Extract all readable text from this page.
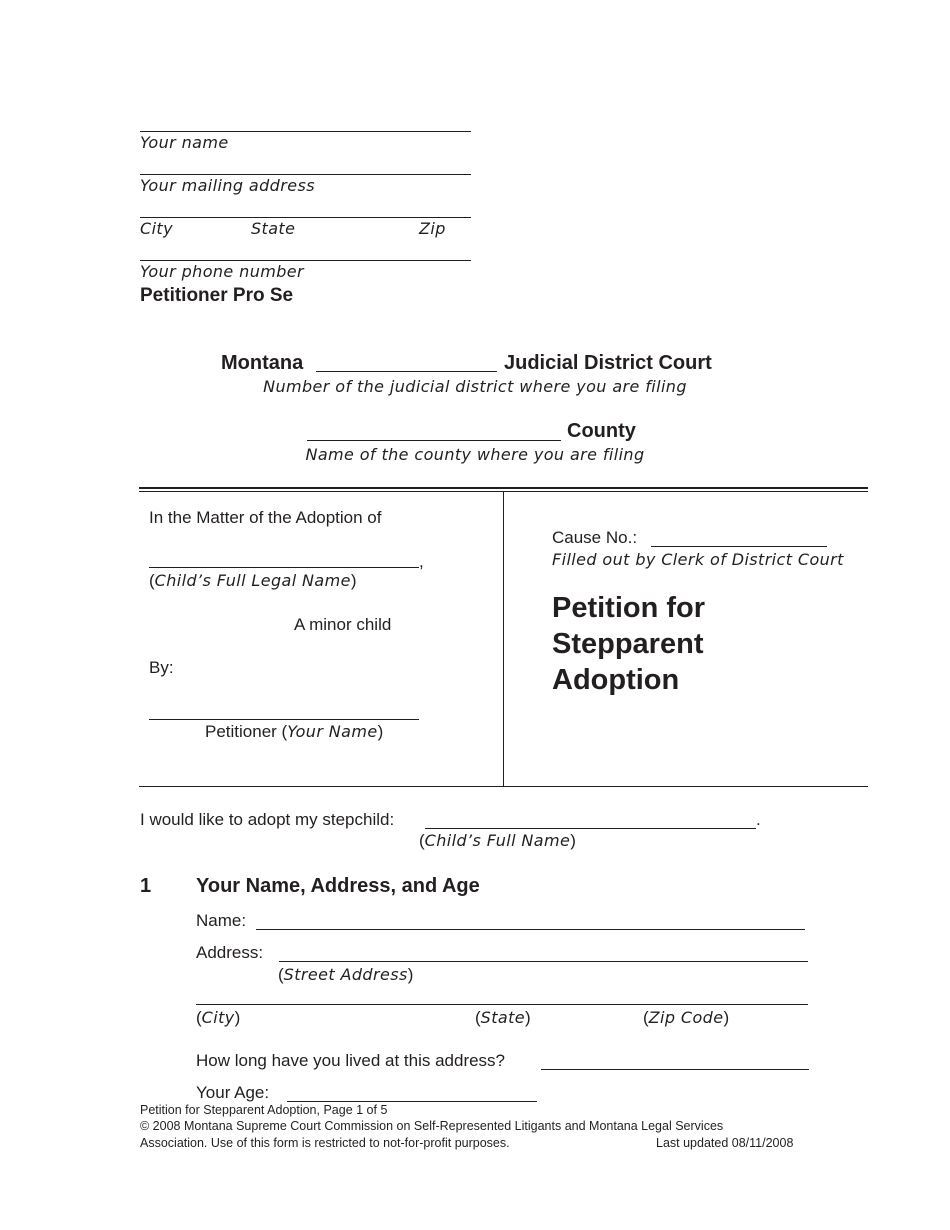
Your name
Your mailing address
City	State	Zip
Your phone number
Petitioner Pro Se
Montana	Judicial District Court
Number of the judicial district where you are filing
County
Name of the county where you are filing
In the Matter of the Adoption of
,
(Child’s Full Legal Name)
A minor child
By:
Petitioner (Your Name)
Cause No.:
Filled out by Clerk of District Court
Petition for
Stepparent
Adoption
I would like to adopt my stepchild:	.
(Child’s Full Name)
1 Your Name, Address, and Age
Name:
Address:
(Street Address)
(City)	(State)	(Zip Code)
How long have you lived at this address?
Your Age:
Petition for Stepparent Adoption, Page 1 of 5
© 2008 Montana Supreme Court Commission on Self-Represented Litigants and Montana Legal Services
Association. Use of this form is restricted to not-for-profit purposes.	Last updated 08/11/2008
